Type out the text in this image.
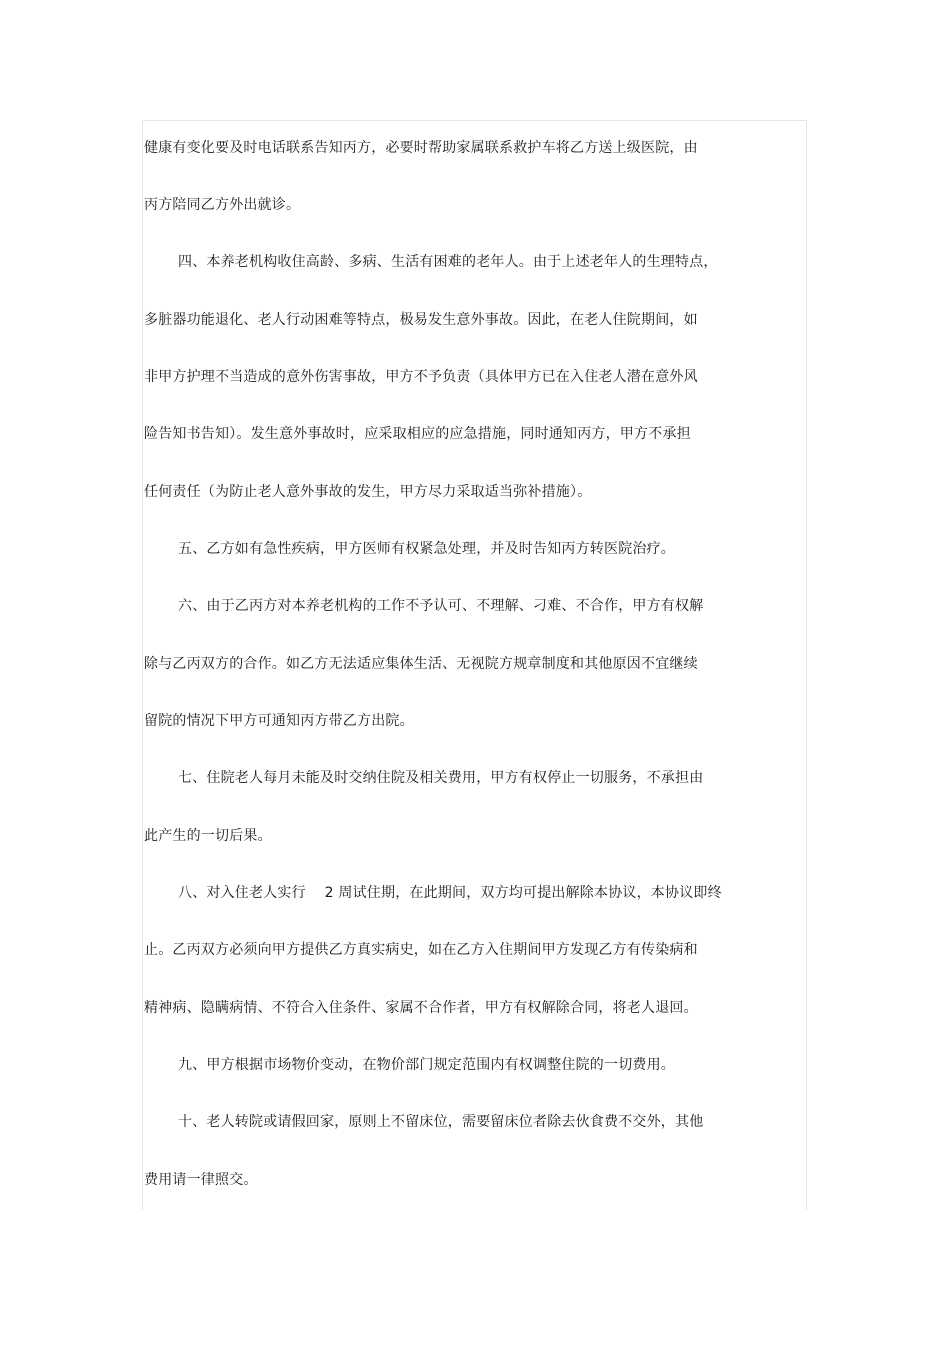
健康有变化要及时电话联系告知丙方，必要时帮助家属联系救护车将乙方送上级医院，由
丙方陪同乙方外出就诊。
四、本养老机构收住高龄、多病、生活有困难的老年人。由于上述老年人的生理特点，
多脏器功能退化、老人行动困难等特点，极易发生意外事故。因此，在老人住院期间，如
非甲方护理不当造成的意外伤害事故，甲方不予负责（具体甲方已在入住老人潜在意外风
险告知书告知）。发生意外事故时，应采取相应的应急措施，同时通知丙方，甲方不承担
任何责任（为防止老人意外事故的发生，甲方尽力采取适当弥补措施）。
五、乙方如有急性疾病，甲方医师有权紧急处理，并及时告知丙方转医院治疗。
六、由于乙丙方对本养老机构的工作不予认可、不理解、刁难、不合作，甲方有权解
除与乙丙双方的合作。如乙方无法适应集体生活、无视院方规章制度和其他原因不宜继续
留院的情况下甲方可通知丙方带乙方出院。
七、住院老人每月未能及时交纳住院及相关费用，甲方有权停止一切服务，不承担由
此产生的一切后果。
八、对入住老人实行　 2 周试住期，在此期间，双方均可提出解除本协议，本协议即终
止。乙丙双方必须向甲方提供乙方真实病史，如在乙方入住期间甲方发现乙方有传染病和
精神病、隐瞒病情、不符合入住条件、家属不合作者，甲方有权解除合同，将老人退回。
九、甲方根据市场物价变动，在物价部门规定范围内有权调整住院的一切费用。
十、老人转院或请假回家，原则上不留床位，需要留床位者除去伙食费不交外，其他
费用请一律照交。
